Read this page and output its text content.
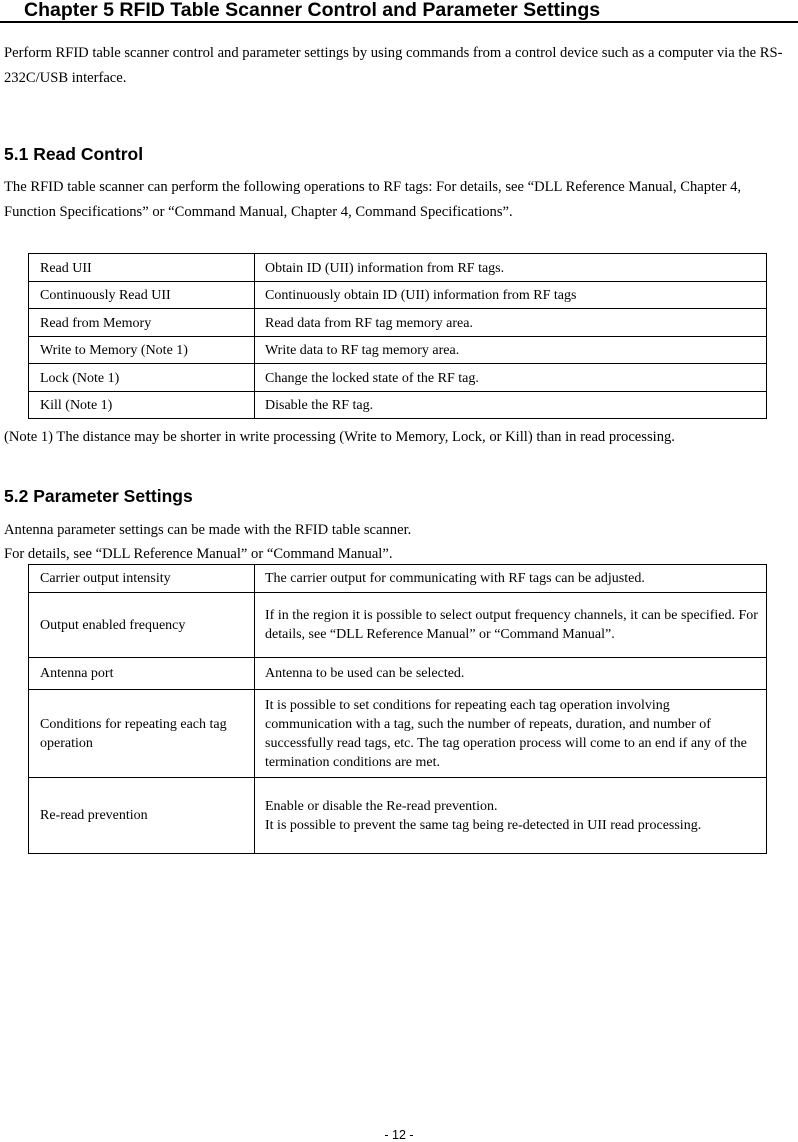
Chapter 5 RFID Table Scanner Control and Parameter Settings

Perform RFID table scanner control and parameter settings by using commands from a control device such as a computer via the RS-232C/USB interface.

5.1 Read Control

The RFID table scanner can perform the following operations to RF tags: For details, see “DLL Reference Manual, Chapter 4, Function Specifications” or “Command Manual, Chapter 4, Command Specifications”.

Read UII	Obtain ID (UII) information from RF tags.
Continuously Read UII	Continuously obtain ID (UII) information from RF tags
Read from Memory	Read data from RF tag memory area.
Write to Memory (Note 1)	Write data to RF tag memory area.
Lock (Note 1)	Change the locked state of the RF tag.
Kill (Note 1)	Disable the RF tag.

(Note 1) The distance may be shorter in write processing (Write to Memory, Lock, or Kill) than in read processing.

5.2 Parameter Settings

Antenna parameter settings can be made with the RFID table scanner.

For details, see “DLL Reference Manual” or “Command Manual”.

Carrier output intensity	The carrier output for communicating with RF tags can be adjusted.
Output enabled frequency	If in the region it is possible to select output frequency channels, it can be specified. For details, see “DLL Reference Manual” or “Command Manual”.
Antenna port	Antenna to be used can be selected.
Conditions for repeating each tag operation	It is possible to set conditions for repeating each tag operation involving communication with a tag, such the number of repeats, duration, and number of successfully read tags, etc. The tag operation process will come to an end if any of the termination conditions are met.
Re-read prevention	Enable or disable the Re-read prevention.
It is possible to prevent the same tag being re-detected in UII read processing.

- 12 -
